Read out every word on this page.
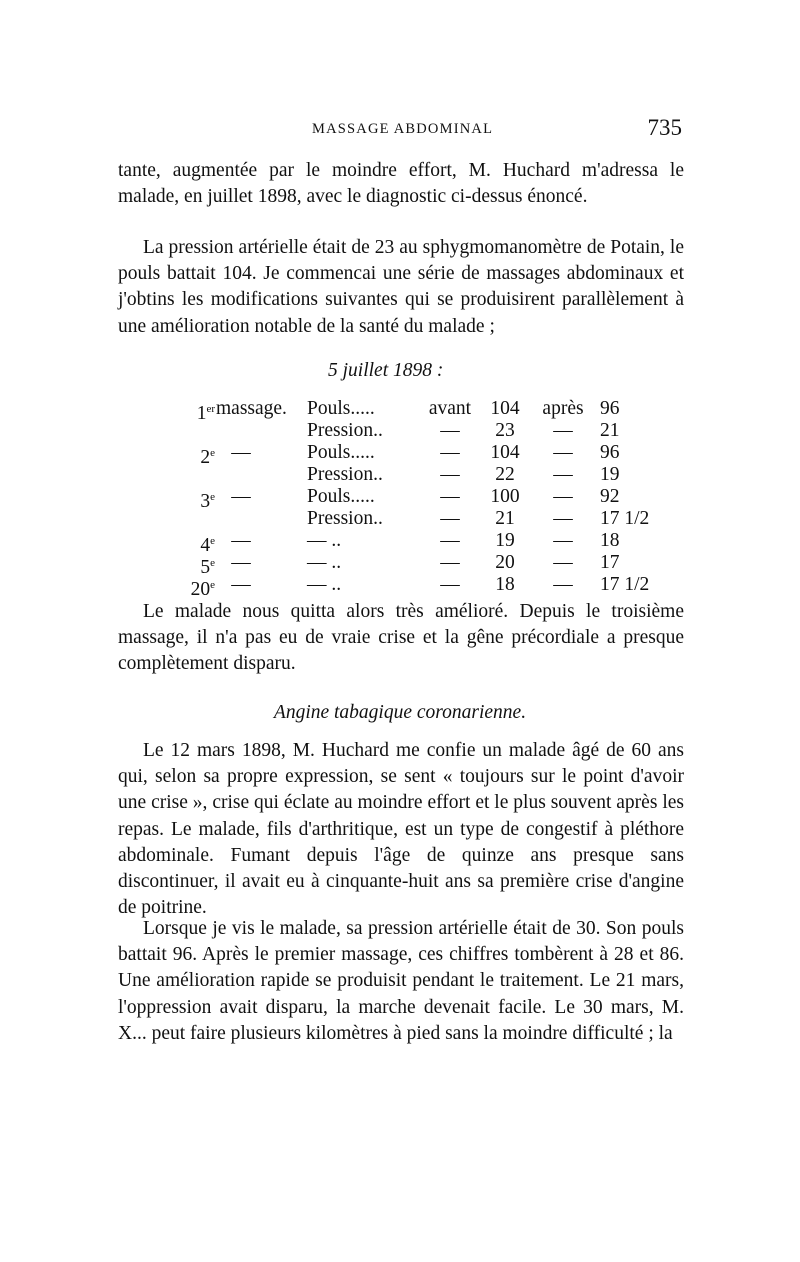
MASSAGE ABDOMINAL	735

tante, augmentée par le moindre effort, M. Huchard m'adressa le malade, en juillet 1898, avec le diagnostic ci-dessus énoncé.

La pression artérielle était de 23 au sphygmomanomètre de Potain, le pouls battait 104. Je commencai une série de massages abdominaux et j'obtins les modifications suivantes qui se produisirent parallèlement à une amélioration notable de la santé du malade ;

5 juillet 1898 :
1er massage. Pouls.....	avant 104	après 96
Pression..	—	23	—	21
2e —	Pouls.....	—	104	—	96
Pression..	—	22	—	19
3e —	Pouls.....	—	100	—	92
Pression..	—	21	—	17 1/2
4e —	— ..	—	19	—	18
5e —	— ..	—	20	—	17
20e —	— ..	—	18	—	17 1/2

Le malade nous quitta alors très amélioré. Depuis le troisième massage, il n'a pas eu de vraie crise et la gêne précordiale a presque complètement disparu.

Angine tabagique coronarienne.

Le 12 mars 1898, M. Huchard me confie un malade âgé de 60 ans qui, selon sa propre expression, se sent « toujours sur le point d'avoir une crise », crise qui éclate au moindre effort et le plus souvent après les repas. Le malade, fils d'arthritique, est un type de congestif à pléthore abdominale. Fumant depuis l'âge de quinze ans presque sans discontinuer, il avait eu à cinquante-huit ans sa première crise d'angine de poitrine.

Lorsque je vis le malade, sa pression artérielle était de 30. Son pouls battait 96. Après le premier massage, ces chiffres tombèrent à 28 et 86. Une amélioration rapide se produisit pendant le traitement. Le 21 mars, l'oppression avait disparu, la marche devenait facile. Le 30 mars, M. X... peut faire plusieurs kilomètres à pied sans la moindre difficulté ; la
